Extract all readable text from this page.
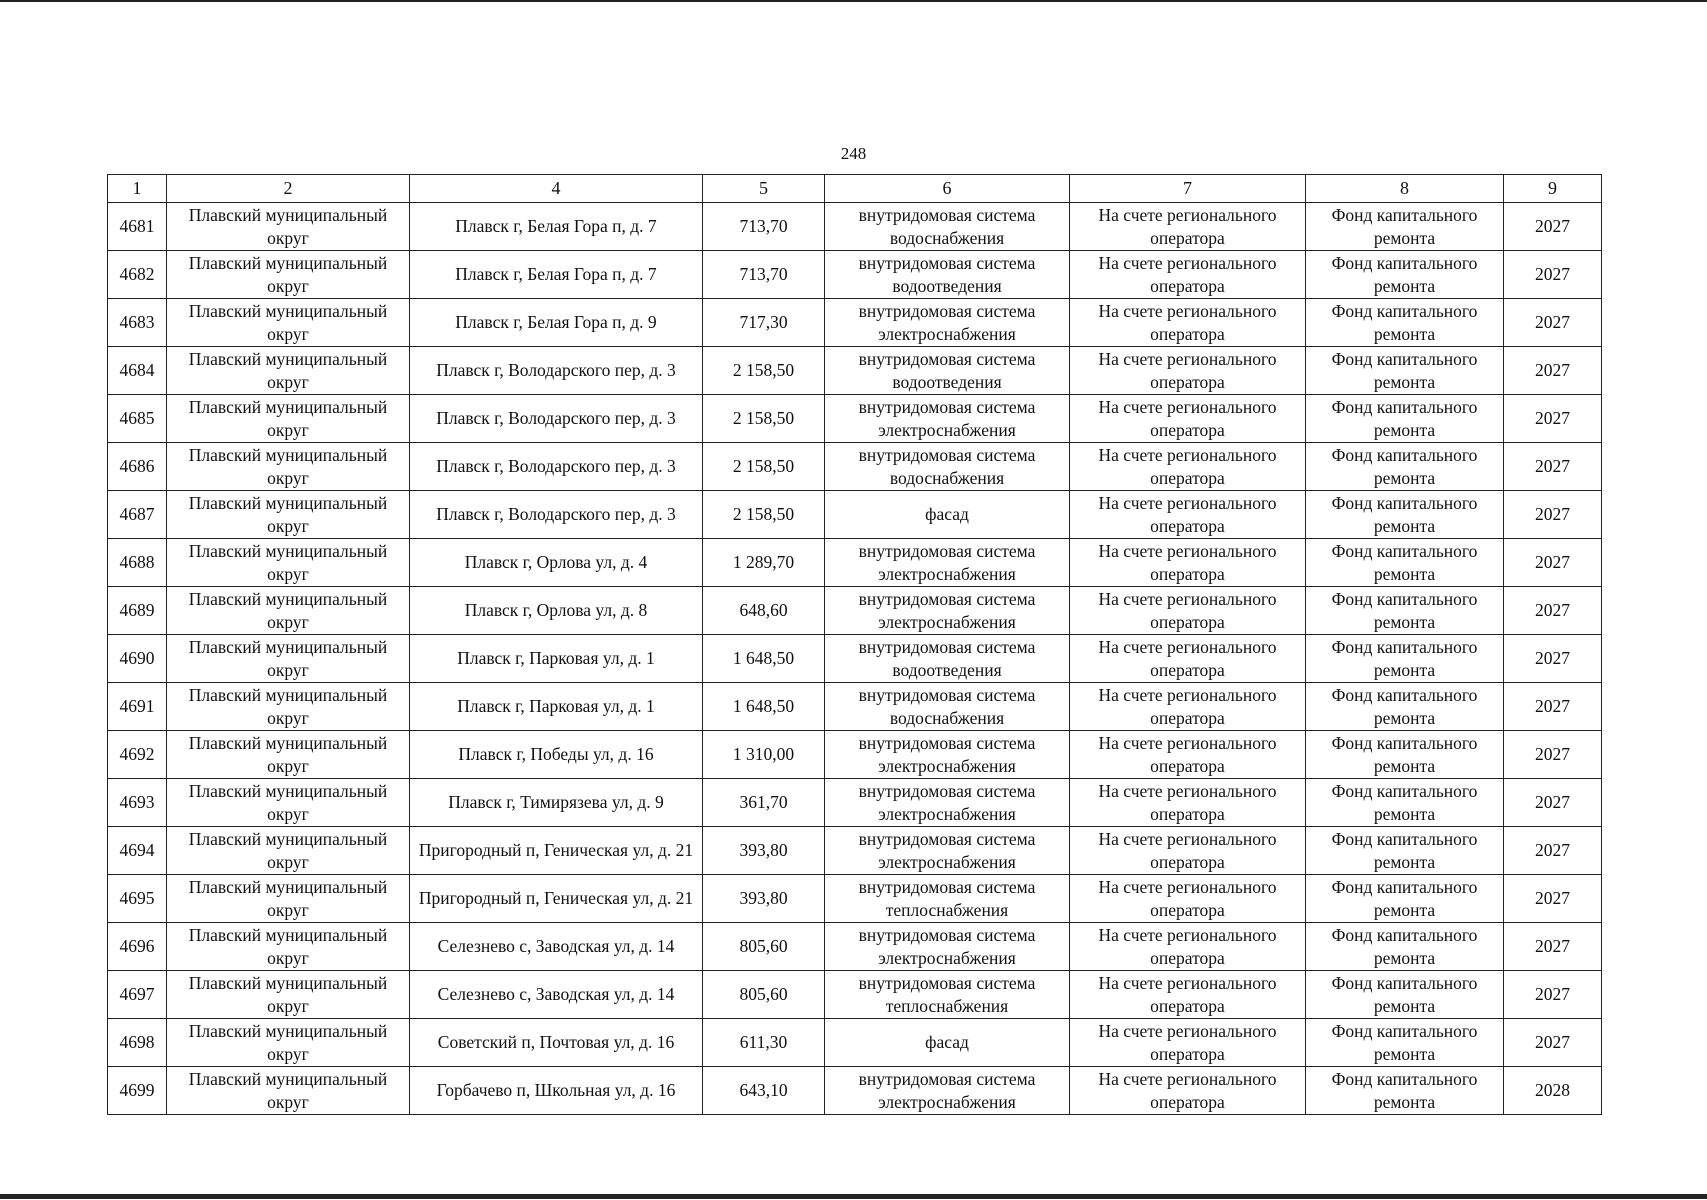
248
1	2	4	5	6	7	8	9
4681	Плавский муниципальный округ	Плавск г, Белая Гора п, д. 7	713,70	внутридомовая система водоснабжения	На счете регионального оператора	Фонд капитального ремонта	2027
4682	Плавский муниципальный округ	Плавск г, Белая Гора п, д. 7	713,70	внутридомовая система водоотведения	На счете регионального оператора	Фонд капитального ремонта	2027
4683	Плавский муниципальный округ	Плавск г, Белая Гора п, д. 9	717,30	внутридомовая система электроснабжения	На счете регионального оператора	Фонд капитального ремонта	2027
4684	Плавский муниципальный округ	Плавск г, Володарского пер, д. 3	2 158,50	внутридомовая система водоотведения	На счете регионального оператора	Фонд капитального ремонта	2027
4685	Плавский муниципальный округ	Плавск г, Володарского пер, д. 3	2 158,50	внутридомовая система электроснабжения	На счете регионального оператора	Фонд капитального ремонта	2027
4686	Плавский муниципальный округ	Плавск г, Володарского пер, д. 3	2 158,50	внутридомовая система водоснабжения	На счете регионального оператора	Фонд капитального ремонта	2027
4687	Плавский муниципальный округ	Плавск г, Володарского пер, д. 3	2 158,50	фасад	На счете регионального оператора	Фонд капитального ремонта	2027
4688	Плавский муниципальный округ	Плавск г, Орлова ул, д. 4	1 289,70	внутридомовая система электроснабжения	На счете регионального оператора	Фонд капитального ремонта	2027
4689	Плавский муниципальный округ	Плавск г, Орлова ул, д. 8	648,60	внутридомовая система электроснабжения	На счете регионального оператора	Фонд капитального ремонта	2027
4690	Плавский муниципальный округ	Плавск г, Парковая ул, д. 1	1 648,50	внутридомовая система водоотведения	На счете регионального оператора	Фонд капитального ремонта	2027
4691	Плавский муниципальный округ	Плавск г, Парковая ул, д. 1	1 648,50	внутридомовая система водоснабжения	На счете регионального оператора	Фонд капитального ремонта	2027
4692	Плавский муниципальный округ	Плавск г, Победы ул, д. 16	1 310,00	внутридомовая система электроснабжения	На счете регионального оператора	Фонд капитального ремонта	2027
4693	Плавский муниципальный округ	Плавск г, Тимирязева ул, д. 9	361,70	внутридомовая система электроснабжения	На счете регионального оператора	Фонд капитального ремонта	2027
4694	Плавский муниципальный округ	Пригородный п, Геническая ул, д. 21	393,80	внутридомовая система электроснабжения	На счете регионального оператора	Фонд капитального ремонта	2027
4695	Плавский муниципальный округ	Пригородный п, Геническая ул, д. 21	393,80	внутридомовая система теплоснабжения	На счете регионального оператора	Фонд капитального ремонта	2027
4696	Плавский муниципальный округ	Селезнево с, Заводская ул, д. 14	805,60	внутридомовая система электроснабжения	На счете регионального оператора	Фонд капитального ремонта	2027
4697	Плавский муниципальный округ	Селезнево с, Заводская ул, д. 14	805,60	внутридомовая система теплоснабжения	На счете регионального оператора	Фонд капитального ремонта	2027
4698	Плавский муниципальный округ	Советский п, Почтовая ул, д. 16	611,30	фасад	На счете регионального оператора	Фонд капитального ремонта	2027
4699	Плавский муниципальный округ	Горбачево п, Школьная ул, д. 16	643,10	внутридомовая система электроснабжения	На счете регионального оператора	Фонд капитального ремонта	2028
